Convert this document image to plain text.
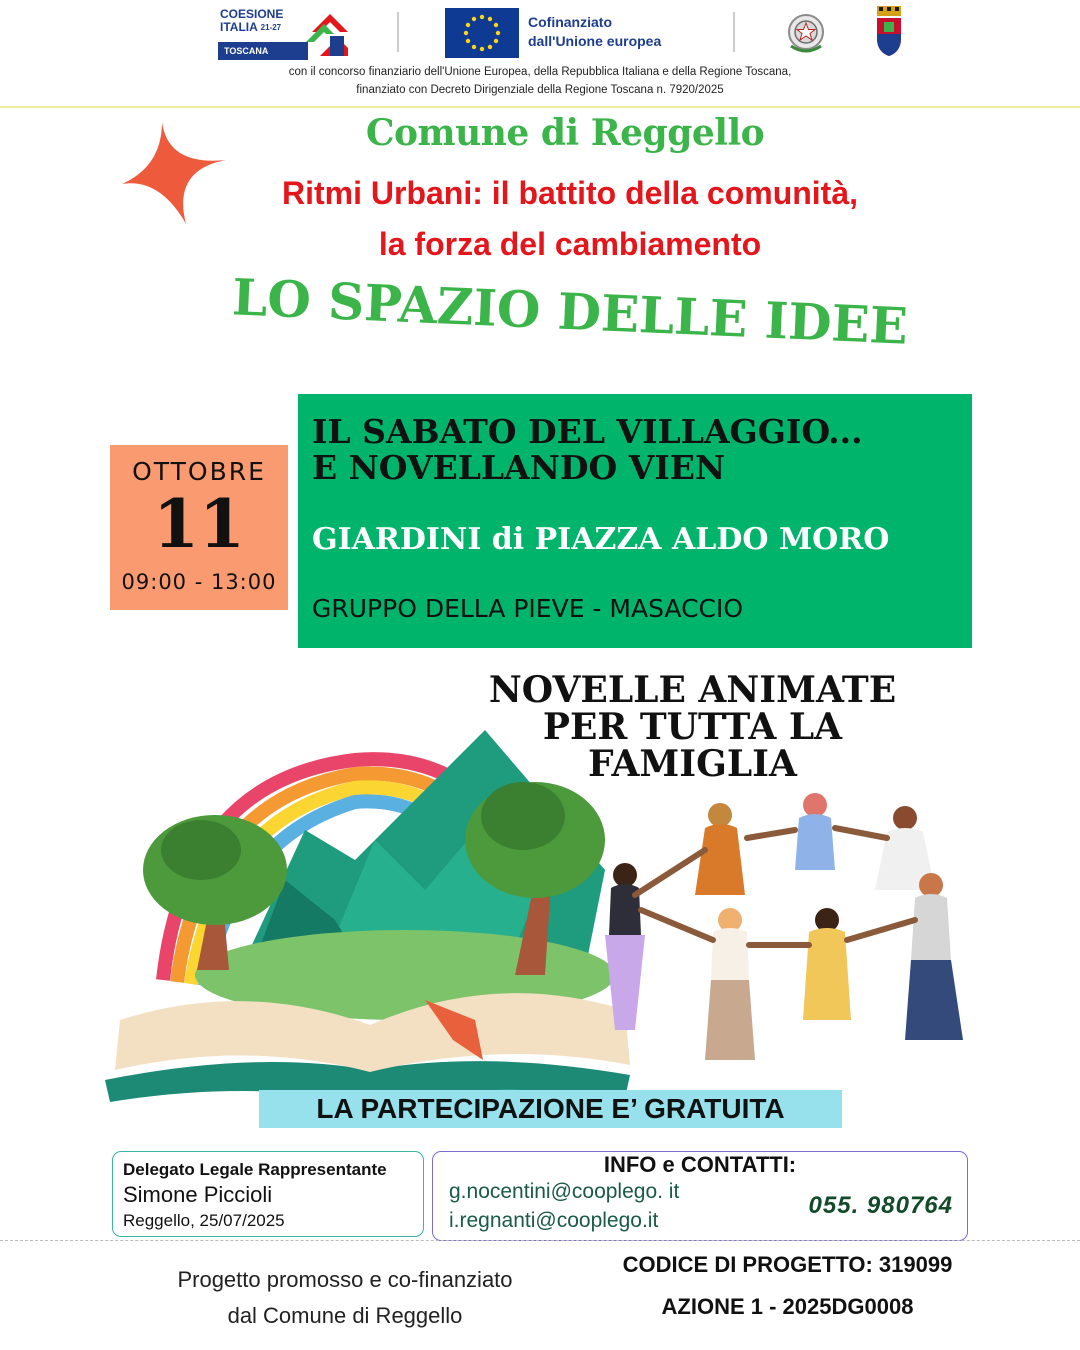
COESIONE
ITALIA $^{21-27}$
TOSCANA
Cofinanziato
dall'Unione europea
con il concorso finanziario dell'Unione Europea, della Repubblica Italiana e della Regione Toscana,
finanziato con Decreto Dirigenziale della Regione Toscana n. 7920/2025
Comune di Reggello
Ritmi Urbani: il battito della comunità,
la forza del cambiamento
LO SPAZIO DELLE IDEE
OTTOBRE
11
09:00 - 13:00
IL SABATO DEL VILLAGGIO...
E NOVELLANDO VIEN
GIARDINI di PIAZZA ALDO MORO
GRUPPO DELLA PIEVE - MASACCIO
NOVELLE ANIMATE
PER TUTTA LA
FAMIGLIA
LA PARTECIPAZIONE E’ GRATUITA
Delegato Legale Rappresentante
Simone Piccioli
Reggello, 25/07/2025
INFO e CONTATTI:
g.nocentini@cooplego. it
i.regnanti@cooplego.it
055. 980764
Progetto promosso e co-finanziato
dal Comune di Reggello
CODICE DI PROGETTO: 319099
AZIONE 1 - 2025DG0008
